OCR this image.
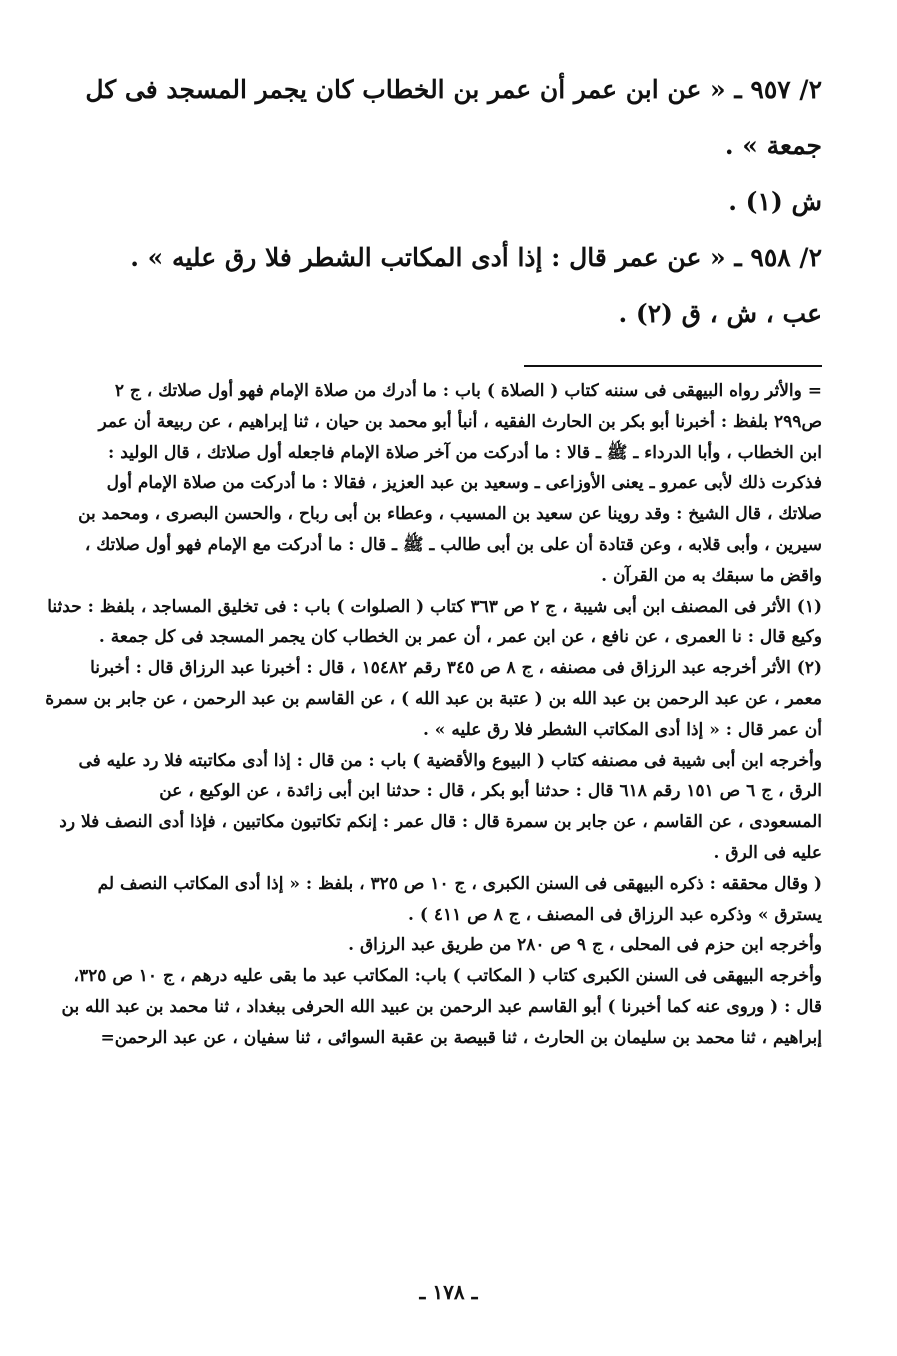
٢/ ٩٥٧ ـ « عن ابن عمر أن عمر بن الخطاب كان يجمر المسجد فى كل
جمعة » .
ش (١) .
٢/ ٩٥٨ ـ « عن عمر قال : إذا أدى المكاتب الشطر فلا رق عليه » .
عب ، ش ، ق (٢) .
= والأثر رواه البيهقى فى سننه كتاب ( الصلاة ) باب : ما أدرك من صلاة الإمام فهو أول صلاتك ، ج ٢
ص٢٩٩ بلفظ : أخبرنا أبو بكر بن الحارث الفقيه ، أنبأ أبو محمد بن حيان ، ثنا إبراهيم ، عن ربيعة أن عمر
ابن الخطاب ، وأبا الدرداء ـ ﷺ ـ قالا : ما أدركت من آخر صلاة الإمام فاجعله أول صلاتك ، قال الوليد :
فذكرت ذلك لأبى عمرو ـ يعنى الأوزاعى ـ وسعيد بن عبد العزيز ، فقالا : ما أدركت من صلاة الإمام أول
صلاتك ، قال الشيخ : وقد روينا عن سعيد بن المسيب ، وعطاء بن أبى رباح ، والحسن البصرى ، ومحمد بن
سيرين ، وأبى قلابه ، وعن قتادة أن على بن أبى طالب ـ ﷺ ـ قال : ما أدركت مع الإمام فهو أول صلاتك ،
واقض ما سبقك به من القرآن .
(١) الأثر فى المصنف ابن أبى شيبة ، ج ٢ ص ٣٦٣ كتاب ( الصلوات ) باب : فى تخليق المساجد ، بلفظ : حدثنا
وكيع قال : نا العمرى ، عن نافع ، عن ابن عمر ، أن عمر بن الخطاب كان يجمر المسجد فى كل جمعة .
(٢) الأثر أخرجه عبد الرزاق فى مصنفه ، ج ٨ ص ٣٤٥ رقم ١٥٤٨٢ ، قال : أخبرنا عبد الرزاق قال : أخبرنا
معمر ، عن عبد الرحمن بن عبد الله بن ( عتبة بن عبد الله ) ، عن القاسم بن عبد الرحمن ، عن جابر بن سمرة
أن عمر قال : « إذا أدى المكاتب الشطر فلا رق عليه » .
وأخرجه ابن أبى شيبة فى مصنفه كتاب ( البيوع والأقضية ) باب : من قال : إذا أدى مكاتبته فلا رد عليه فى
الرق ، ج ٦ ص ١٥١ رقم ٦١٨ قال : حدثنا أبو بكر ، قال : حدثنا ابن أبى زائدة ، عن الوكيع ، عن
المسعودى ، عن القاسم ، عن جابر بن سمرة قال : قال عمر : إنكم تكاتبون مكاتبين ، فإذا أدى النصف فلا رد
عليه فى الرق .
( وقال محققه : ذكره البيهقى فى السنن الكبرى ، ج ١٠ ص ٣٢٥ ، بلفظ : « إذا أدى المكاتب النصف لم
يسترق » وذكره عبد الرزاق فى المصنف ، ج ٨ ص ٤١١ ) .
وأخرجه ابن حزم فى المحلى ، ج ٩ ص ٢٨٠ من طريق عبد الرزاق .
وأخرجه البيهقى فى السنن الكبرى كتاب ( المكاتب ) باب: المكاتب عبد ما بقى عليه درهم ، ج ١٠ ص ٣٢٥،
قال : ( وروى عنه كما أخبرنا ) أبو القاسم عبد الرحمن بن عبيد الله الحرفى ببغداد ، ثنا محمد بن عبد الله بن
إبراهيم ، ثنا محمد بن سليمان بن الحارث ، ثنا قبيصة بن عقبة السوائى ، ثنا سفيان ، عن عبد الرحمن=
ـ ١٧٨ ـ
